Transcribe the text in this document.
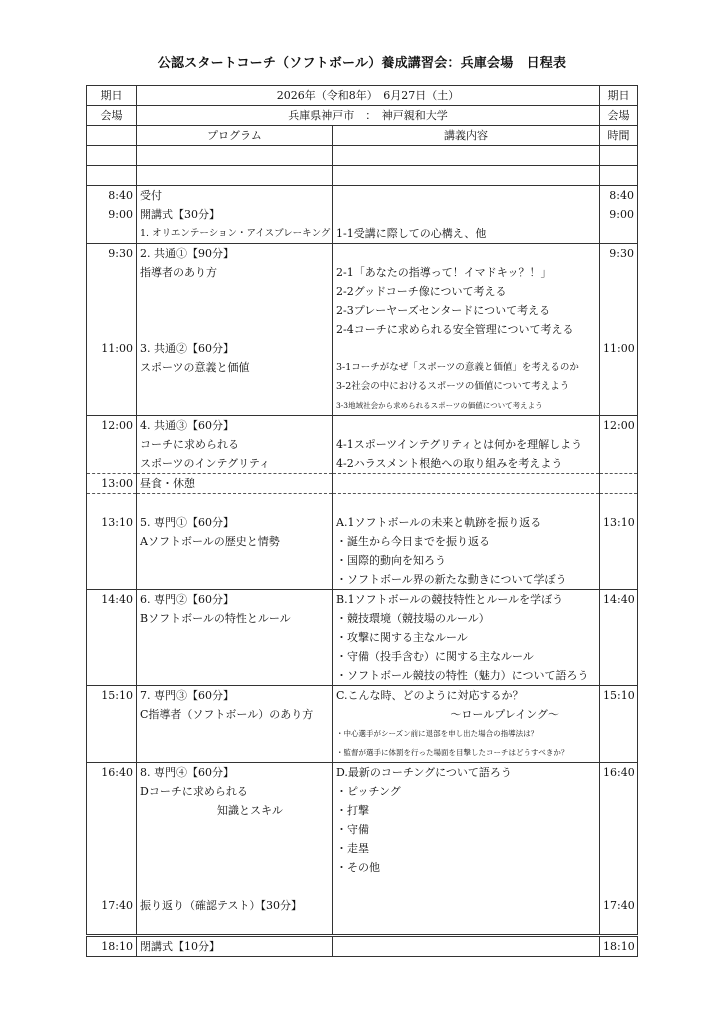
公認スタートコーチ（ソフトボール）養成講習会：兵庫会場　日程表
期日	2026年（令和8年）　6月27日（土）		期日
会場	兵庫県神戸市　：　神戸親和大学		会場
	プログラム	講義内容	時間

8:40	受付		8:40
9:00	開講式【30分】		9:00
	1. オリエンテーション・アイスブレーキング	1-1受講に際しての心構え、他	
9:30	2. 共通①【90分】		9:30
	指導者のあり方	2-1「あなたの指導って！イマドキッ？！」	
		2-2グッドコーチ像について考える	
		2-3プレーヤーズセンタードについて考える	
		2-4コーチに求められる安全管理について考える	
11:00	3. 共通②【60分】		11:00
	スポーツの意義と価値	3-1コーチがなぜ「スポーツの意義と価値」を考えるのか	
		3-2社会の中におけるスポーツの価値について考えよう	
		3-3地域社会から求められるスポーツの価値について考えよう	
12:00	4. 共通③【60分】		12:00
	コーチに求められる	4-1スポーツインテグリティとは何かを理解しよう	
	スポーツのインテグリティ	4-2ハラスメント根絶への取り組みを考えよう	
13:00	昼食・休憩		

13:10	5. 専門①【60分】	A.1ソフトボールの未来と軌跡を振り返る	13:10
	Aソフトボールの歴史と情勢	・誕生から今日までを振り返る	
		・国際的動向を知ろう	
		・ソフトボール界の新たな動きについて学ぼう	
14:40	6. 専門②【60分】	B.1ソフトボールの競技特性とルールを学ぼう	14:40
	Bソフトボールの特性とルール	・競技環境（競技場のルール）	
		・攻撃に関する主なルール	
		・守備（投手含む）に関する主なルール	
		・ソフトボール競技の特性（魅力）について語ろう	
15:10	7. 専門③【60分】	C.こんな時、どのように対応するか？	15:10
	C指導者（ソフトボール）のあり方	～ロールプレイング～	
		・中心選手がシーズン前に退部を申し出た場合の指導法は？	
		・監督が選手に体罰を行った場面を目撃したコーチはどうすべきか？	
16:40	8. 専門④【60分】	D.最新のコーチングについて語ろう	16:40
	Dコーチに求められる	・ピッチング	
	知識とスキル	・打撃	
		・守備	
		・走塁	
		・その他	

17:40	振り返り（確認テスト）【30分】		17:40

18:10	閉講式【10分】		18:10
